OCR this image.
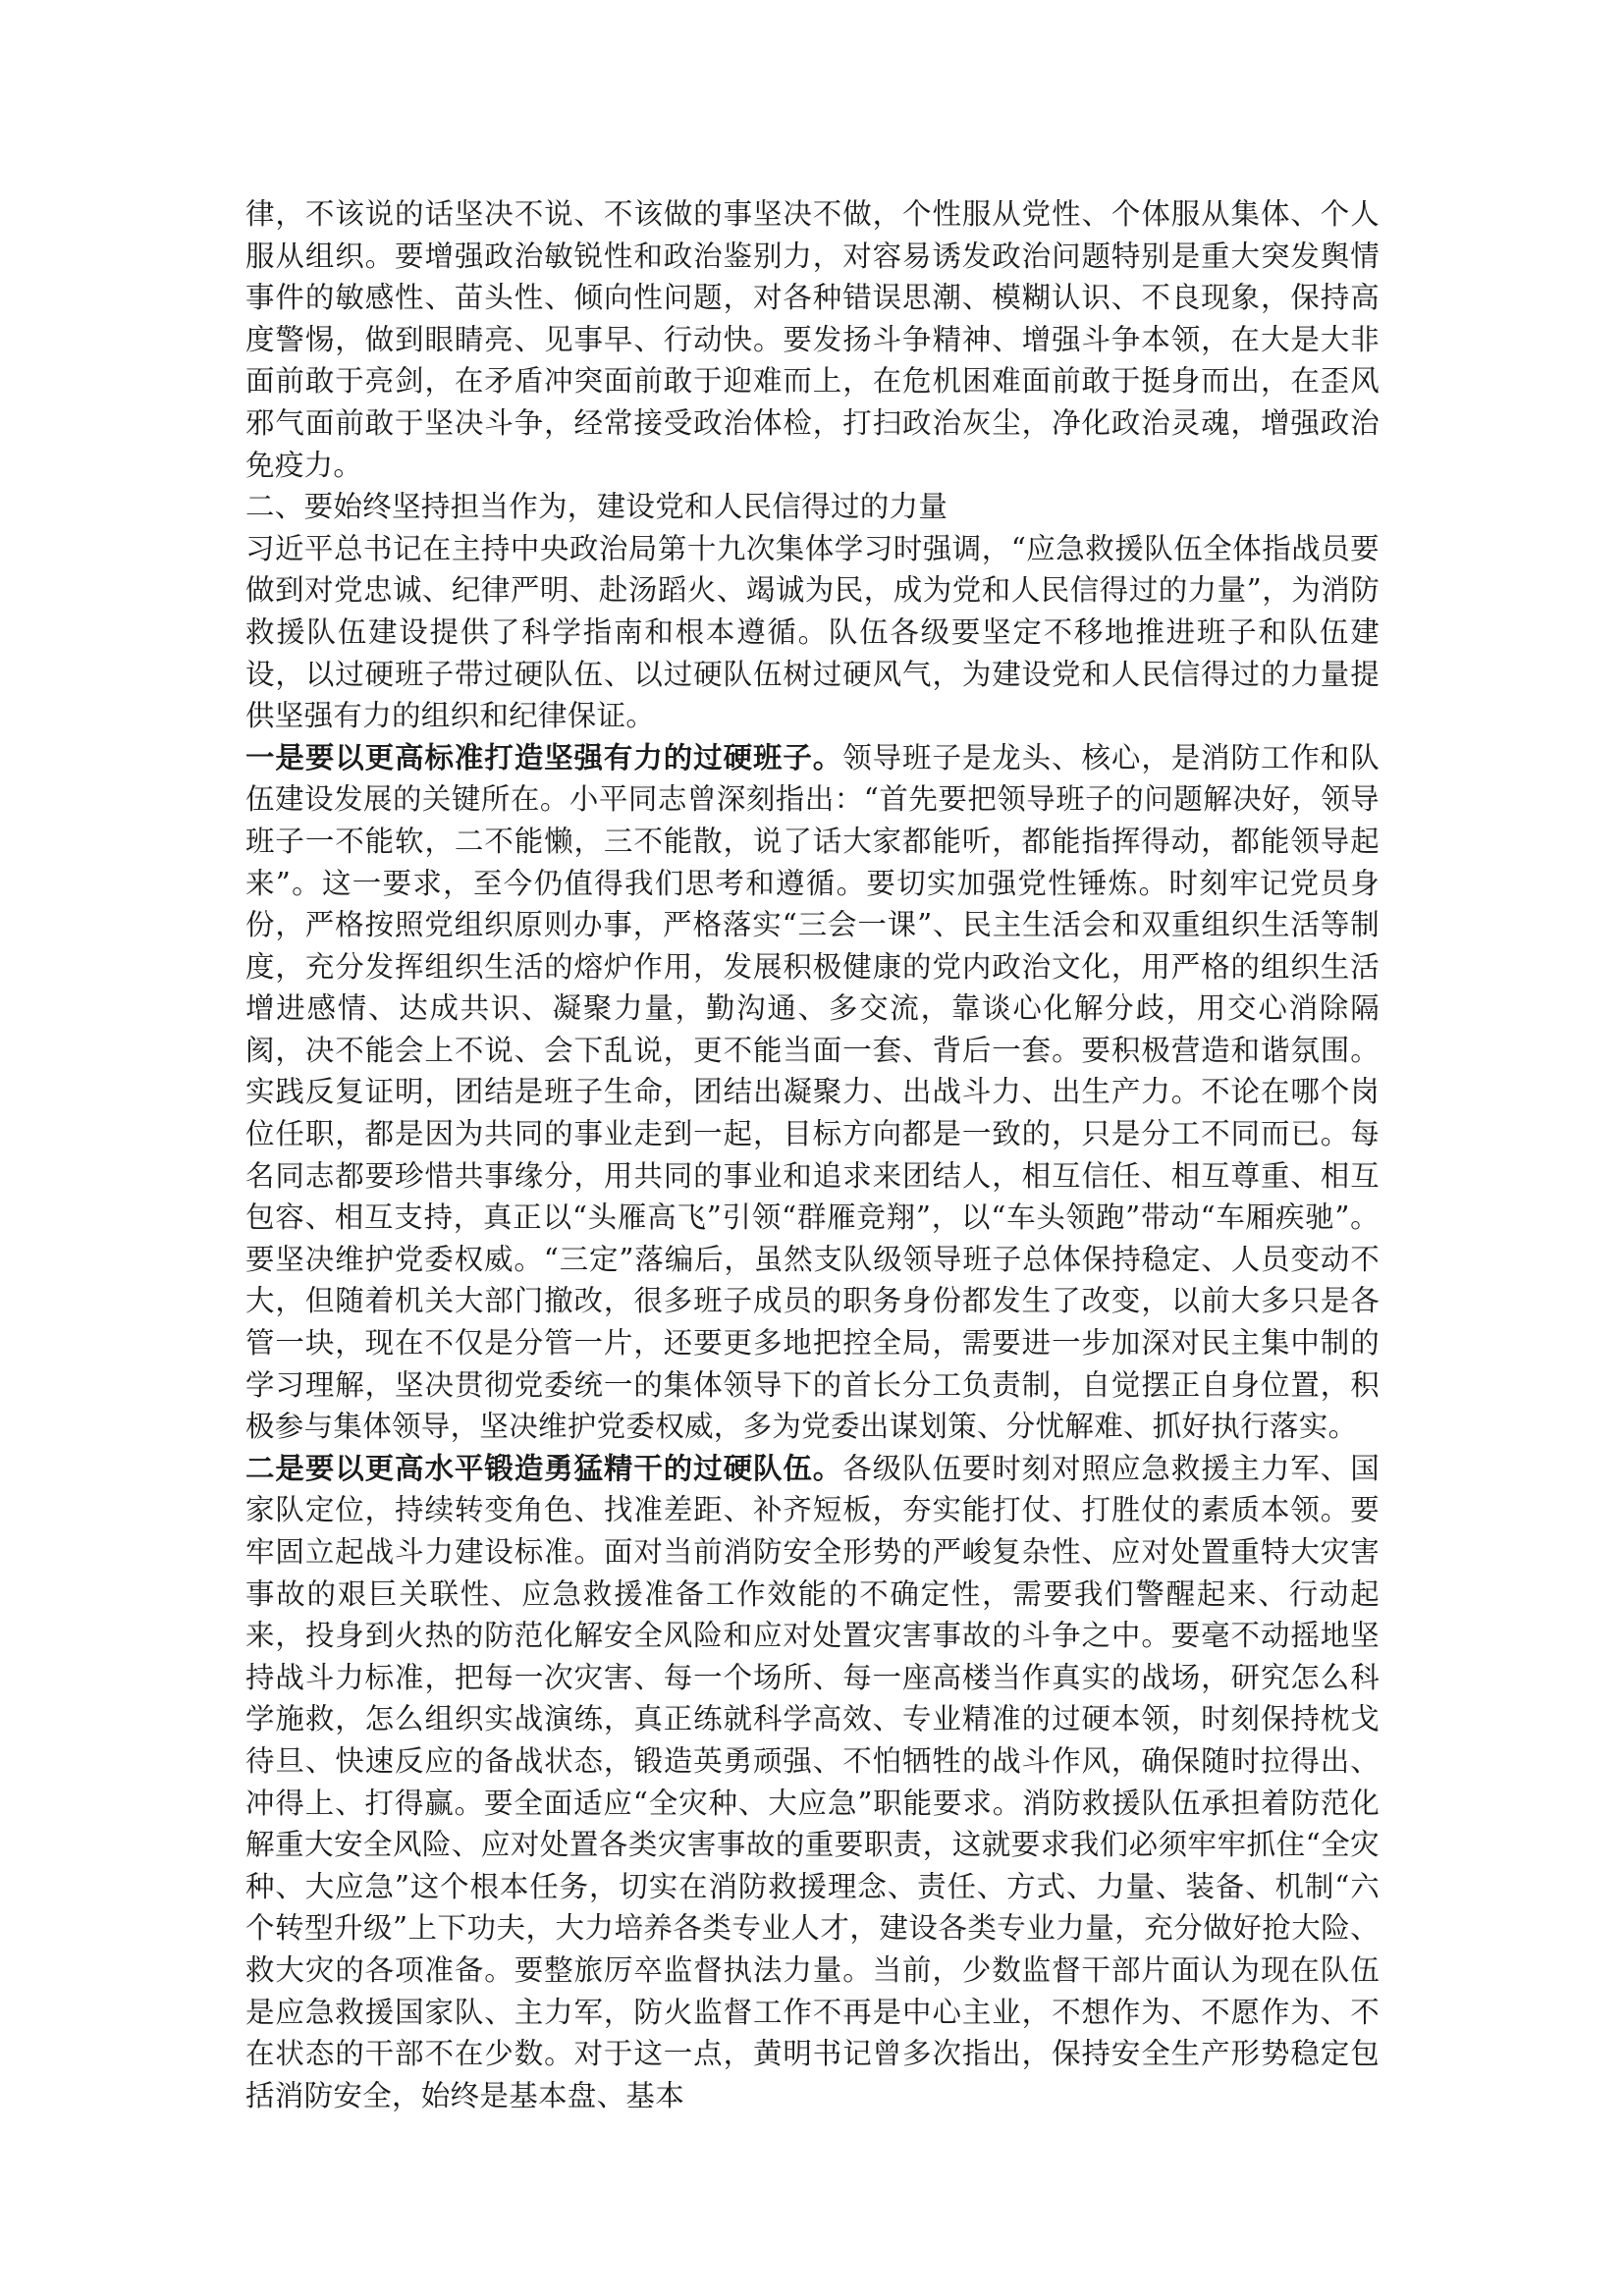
律，不该说的话坚决不说、不该做的事坚决不做，个性服从党性、个体服从集体、个人服从组织。要增强政治敏锐性和政治鉴别力，对容易诱发政治问题特别是重大突发舆情事件的敏感性、苗头性、倾向性问题，对各种错误思潮、模糊认识、不良现象，保持高度警惕，做到眼睛亮、见事早、行动快。要发扬斗争精神、增强斗争本领，在大是大非面前敢于亮剑，在矛盾冲突面前敢于迎难而上，在危机困难面前敢于挺身而出，在歪风邪气面前敢于坚决斗争，经常接受政治体检，打扫政治灰尘，净化政治灵魂，增强政治免疫力。

二、要始终坚持担当作为，建设党和人民信得过的力量

习近平总书记在主持中央政治局第十九次集体学习时强调，“应急救援队伍全体指战员要做到对党忠诚、纪律严明、赴汤蹈火、竭诚为民，成为党和人民信得过的力量”，为消防救援队伍建设提供了科学指南和根本遵循。队伍各级要坚定不移地推进班子和队伍建设，以过硬班子带过硬队伍、以过硬队伍树过硬风气，为建设党和人民信得过的力量提供坚强有力的组织和纪律保证。

一是要以更高标准打造坚强有力的过硬班子。领导班子是龙头、核心，是消防工作和队伍建设发展的关键所在。小平同志曾深刻指出：“首先要把领导班子的问题解决好，领导班子一不能软，二不能懒，三不能散，说了话大家都能听，都能指挥得动，都能领导起来”。这一要求，至今仍值得我们思考和遵循。要切实加强党性锤炼。时刻牢记党员身份，严格按照党组织原则办事，严格落实“三会一课”、民主生活会和双重组织生活等制度，充分发挥组织生活的熔炉作用，发展积极健康的党内政治文化，用严格的组织生活增进感情、达成共识、凝聚力量，勤沟通、多交流，靠谈心化解分歧，用交心消除隔阂，决不能会上不说、会下乱说，更不能当面一套、背后一套。要积极营造和谐氛围。实践反复证明，团结是班子生命，团结出凝聚力、出战斗力、出生产力。不论在哪个岗位任职，都是因为共同的事业走到一起，目标方向都是一致的，只是分工不同而已。每名同志都要珍惜共事缘分，用共同的事业和追求来团结人，相互信任、相互尊重、相互包容、相互支持，真正以“头雁高飞”引领“群雁竞翔”，以“车头领跑”带动“车厢疾驰”。要坚决维护党委权威。“三定”落编后，虽然支队级领导班子总体保持稳定、人员变动不大，但随着机关大部门撤改，很多班子成员的职务身份都发生了改变，以前大多只是各管一块，现在不仅是分管一片，还要更多地把控全局，需要进一步加深对民主集中制的学习理解，坚决贯彻党委统一的集体领导下的首长分工负责制，自觉摆正自身位置，积极参与集体领导，坚决维护党委权威，多为党委出谋划策、分忧解难、抓好执行落实。

二是要以更高水平锻造勇猛精干的过硬队伍。各级队伍要时刻对照应急救援主力军、国家队定位，持续转变角色、找准差距、补齐短板，夯实能打仗、打胜仗的素质本领。要牢固立起战斗力建设标准。面对当前消防安全形势的严峻复杂性、应对处置重特大灾害事故的艰巨关联性、应急救援准备工作效能的不确定性，需要我们警醒起来、行动起来，投身到火热的防范化解安全风险和应对处置灾害事故的斗争之中。要毫不动摇地坚持战斗力标准，把每一次灾害、每一个场所、每一座高楼当作真实的战场，研究怎么科学施救，怎么组织实战演练，真正练就科学高效、专业精准的过硬本领，时刻保持枕戈待旦、快速反应的备战状态，锻造英勇顽强、不怕牺牲的战斗作风，确保随时拉得出、冲得上、打得赢。要全面适应“全灾种、大应急”职能要求。消防救援队伍承担着防范化解重大安全风险、应对处置各类灾害事故的重要职责，这就要求我们必须牢牢抓住“全灾种、大应急”这个根本任务，切实在消防救援理念、责任、方式、力量、装备、机制“六个转型升级”上下功夫，大力培养各类专业人才，建设各类专业力量，充分做好抢大险、救大灾的各项准备。要整旅厉卒监督执法力量。当前，少数监督干部片面认为现在队伍是应急救援国家队、主力军，防火监督工作不再是中心主业，不想作为、不愿作为、不在状态的干部不在少数。对于这一点，黄明书记曾多次指出，保持安全生产形势稳定包括消防安全，始终是基本盘、基本
